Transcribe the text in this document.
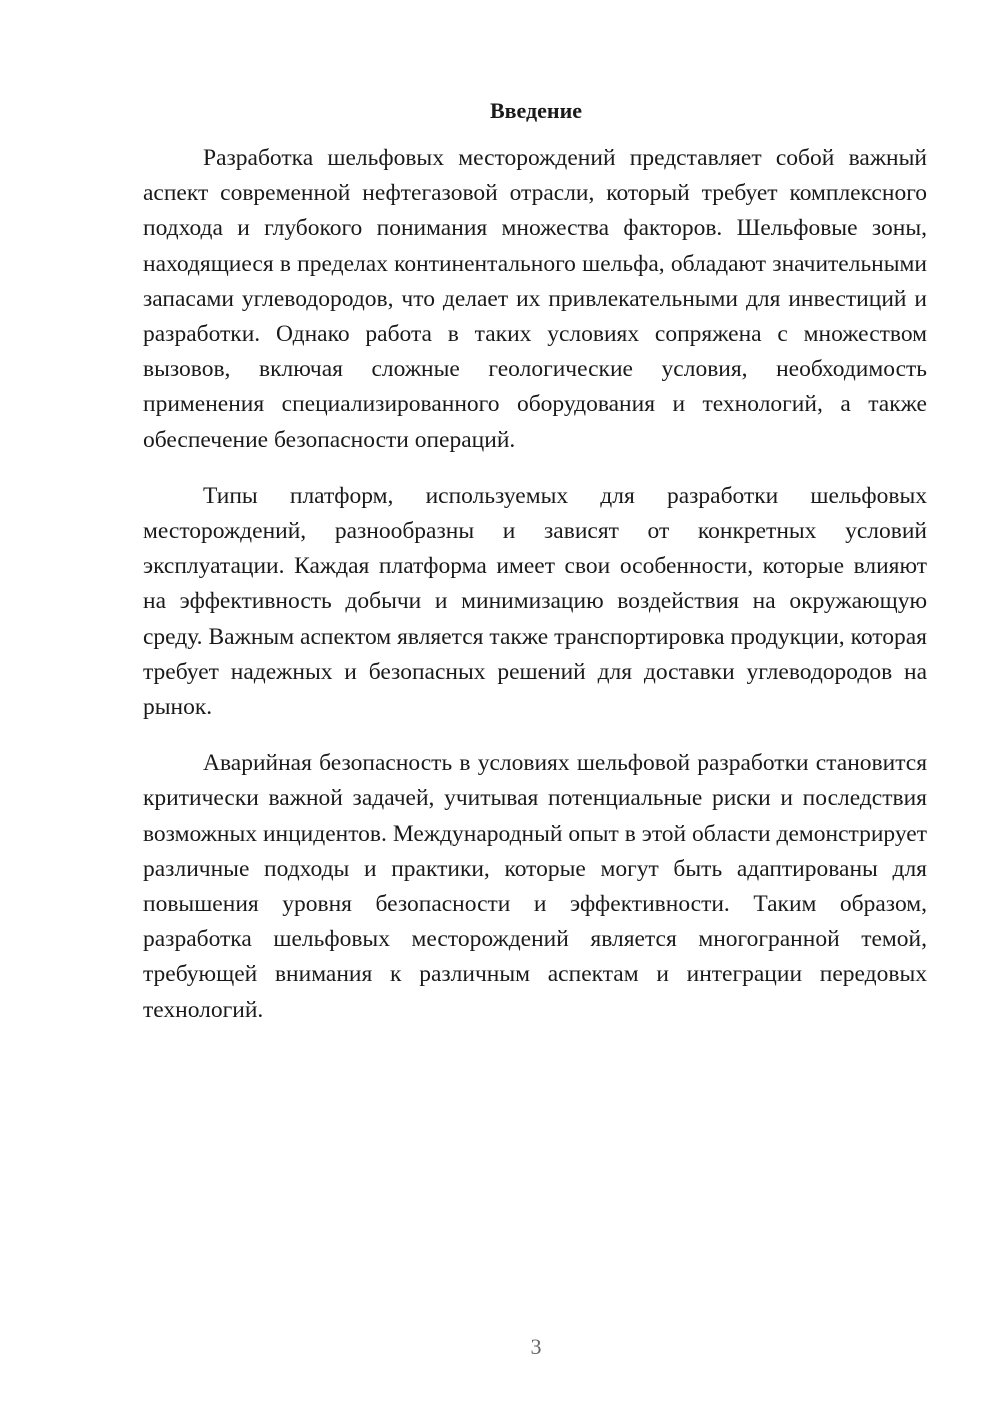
Введение

Разработка шельфовых месторождений представляет собой важный аспект современной нефтегазовой отрасли, который требует комплексного подхода и глубокого понимания множества факторов. Шельфовые зоны, находящиеся в пределах континентального шельфа, обладают значительными запасами углеводородов, что делает их привлекательными для инвестиций и разработки. Однако работа в таких условиях сопряжена с множеством вызовов, включая сложные геологические условия, необходимость применения специализированного оборудования и технологий, а также обеспечение безопасности операций.

Типы платформ, используемых для разработки шельфовых месторождений, разнообразны и зависят от конкретных условий эксплуатации. Каждая платформа имеет свои особенности, которые влияют на эффективность добычи и минимизацию воздействия на окружающую среду. Важным аспектом является также транспортировка продукции, которая требует надежных и безопасных решений для доставки углеводородов на рынок.

Аварийная безопасность в условиях шельфовой разработки становится критически важной задачей, учитывая потенциальные риски и последствия возможных инцидентов. Международный опыт в этой области демонстрирует различные подходы и практики, которые могут быть адаптированы для повышения уровня безопасности и эффективности. Таким образом, разработка шельфовых месторождений является многогранной темой, требующей внимания к различным аспектам и интеграции передовых технологий.

3
